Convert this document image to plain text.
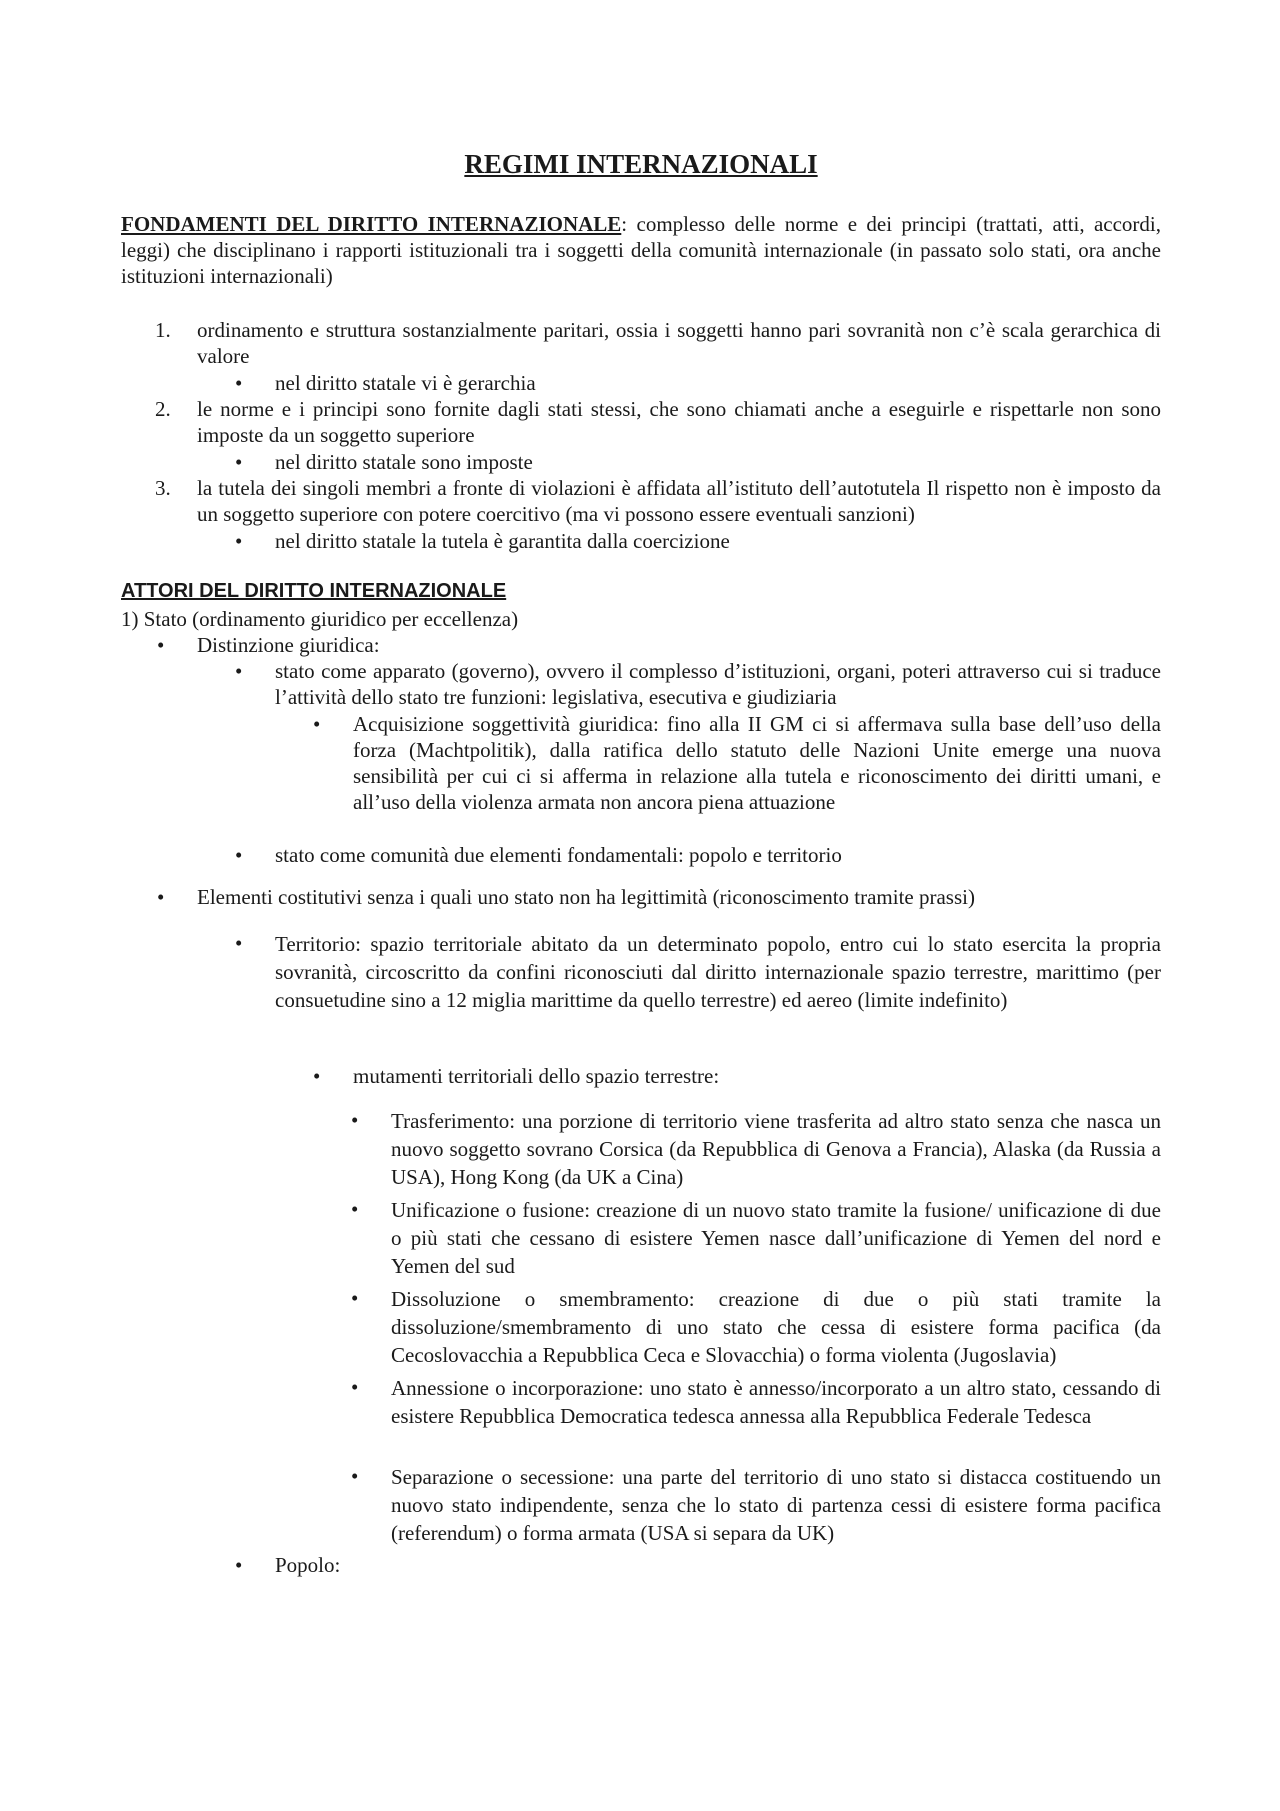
REGIMI INTERNAZIONALI
FONDAMENTI DEL DIRITTO INTERNAZIONALE: complesso delle norme e dei principi (trattati, atti, accordi, leggi) che disciplinano i rapporti istituzionali tra i soggetti della comunità internazionale (in passato solo stati, ora anche istituzioni internazionali)
1. ordinamento e struttura sostanzialmente paritari, ossia i soggetti hanno pari sovranità non c’è scala gerarchica di valore
• nel diritto statale vi è gerarchia
2. le norme e i principi sono fornite dagli stati stessi, che sono chiamati anche a eseguirle e rispettarle non sono imposte da un soggetto superiore
• nel diritto statale sono imposte
3. la tutela dei singoli membri a fronte di violazioni è affidata all’istituto dell’autotutela Il rispetto non è imposto da un soggetto superiore con potere coercitivo (ma vi possono essere eventuali sanzioni)
• nel diritto statale la tutela è garantita dalla coercizione
ATTORI DEL DIRITTO INTERNAZIONALE
1) Stato (ordinamento giuridico per eccellenza)
• Distinzione giuridica:
• stato come apparato (governo), ovvero il complesso d’istituzioni, organi, poteri attraverso cui si traduce l’attività dello stato tre funzioni: legislativa, esecutiva e giudiziaria
• Acquisizione soggettività giuridica: fino alla II GM ci si affermava sulla base dell’uso della forza (Machtpolitik), dalla ratifica dello statuto delle Nazioni Unite emerge una nuova sensibilità per cui ci si afferma in relazione alla tutela e riconoscimento dei diritti umani, e all’uso della violenza armata non ancora piena attuazione
• stato come comunità due elementi fondamentali: popolo e territorio
• Elementi costitutivi senza i quali uno stato non ha legittimità (riconoscimento tramite prassi)
• Territorio: spazio territoriale abitato da un determinato popolo, entro cui lo stato esercita la propria sovranità, circoscritto da confini riconosciuti dal diritto internazionale spazio terrestre, marittimo (per consuetudine sino a 12 miglia marittime da quello terrestre) ed aereo (limite indefinito)
• mutamenti territoriali dello spazio terrestre:
• Trasferimento: una porzione di territorio viene trasferita ad altro stato senza che nasca un nuovo soggetto sovrano Corsica (da Repubblica di Genova a Francia), Alaska (da Russia a USA), Hong Kong (da UK a Cina)
• Unificazione o fusione: creazione di un nuovo stato tramite la fusione/ unificazione di due o più stati che cessano di esistere Yemen nasce dall’unificazione di Yemen del nord e Yemen del sud
• Dissoluzione o smembramento: creazione di due o più stati tramite la dissoluzione/smembramento di uno stato che cessa di esistere forma pacifica (da Cecoslovacchia a Repubblica Ceca e Slovacchia) o forma violenta (Jugoslavia)
• Annessione o incorporazione: uno stato è annesso/incorporato a un altro stato, cessando di esistere Repubblica Democratica tedesca annessa alla Repubblica Federale Tedesca
• Separazione o secessione: una parte del territorio di uno stato si distacca costituendo un nuovo stato indipendente, senza che lo stato di partenza cessi di esistere forma pacifica (referendum) o forma armata (USA si separa da UK)
• Popolo:
